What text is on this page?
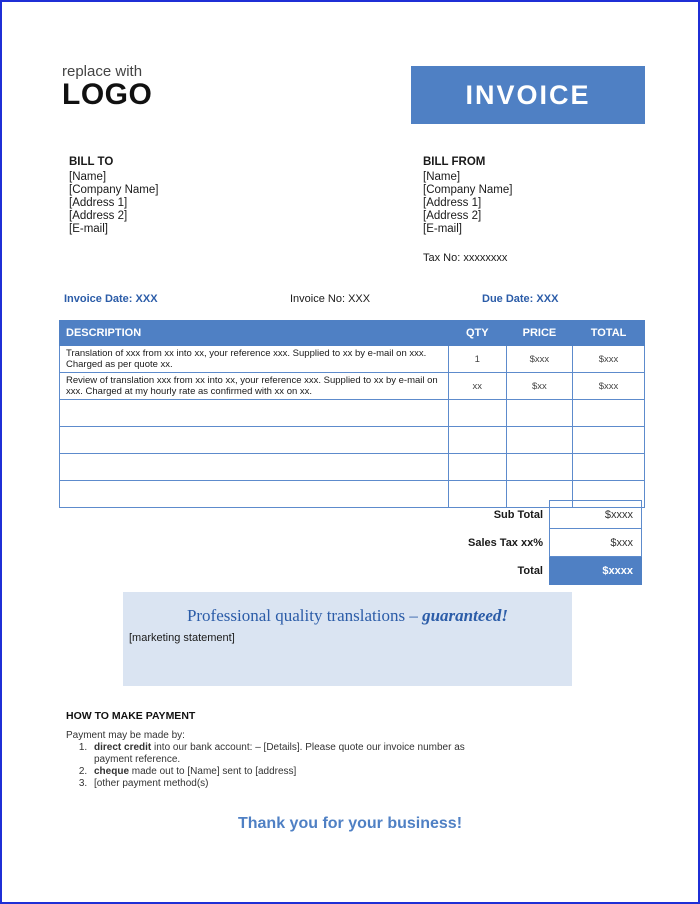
replace with
LOGO	INVOICE
BILL TO
[Name]
[Company Name]
[Address 1]
[Address 2]
[E-mail]
BILL FROM
[Name]
[Company Name]
[Address 1]
[Address 2]
[E-mail]
Tax No: xxxxxxxx
Invoice Date: XXX	Invoice No: XXX	Due Date: XXX
DESCRIPTION	QTY	PRICE	TOTAL
Translation of xxx from xx into xx, your reference xxx. Supplied to xx by e-mail on xxx. Charged as per quote xx.	1	$xxx	$xxx
Review of translation xxx from xx into xx, your reference xxx. Supplied to xx by e-mail on xxx. Charged at my hourly rate as confirmed with xx on xx.	xx	$xx	$xxx

Sub Total	$xxxx
Sales Tax xx%	$xxx
Total	$xxxx
Professional quality translations – guaranteed!
[marketing statement]
HOW TO MAKE PAYMENT
Payment may be made by:
1. direct credit into our bank account: – [Details]. Please quote our invoice number as payment reference.
2. cheque made out to [Name] sent to [address]
3. [other payment method(s)
Thank you for your business!
